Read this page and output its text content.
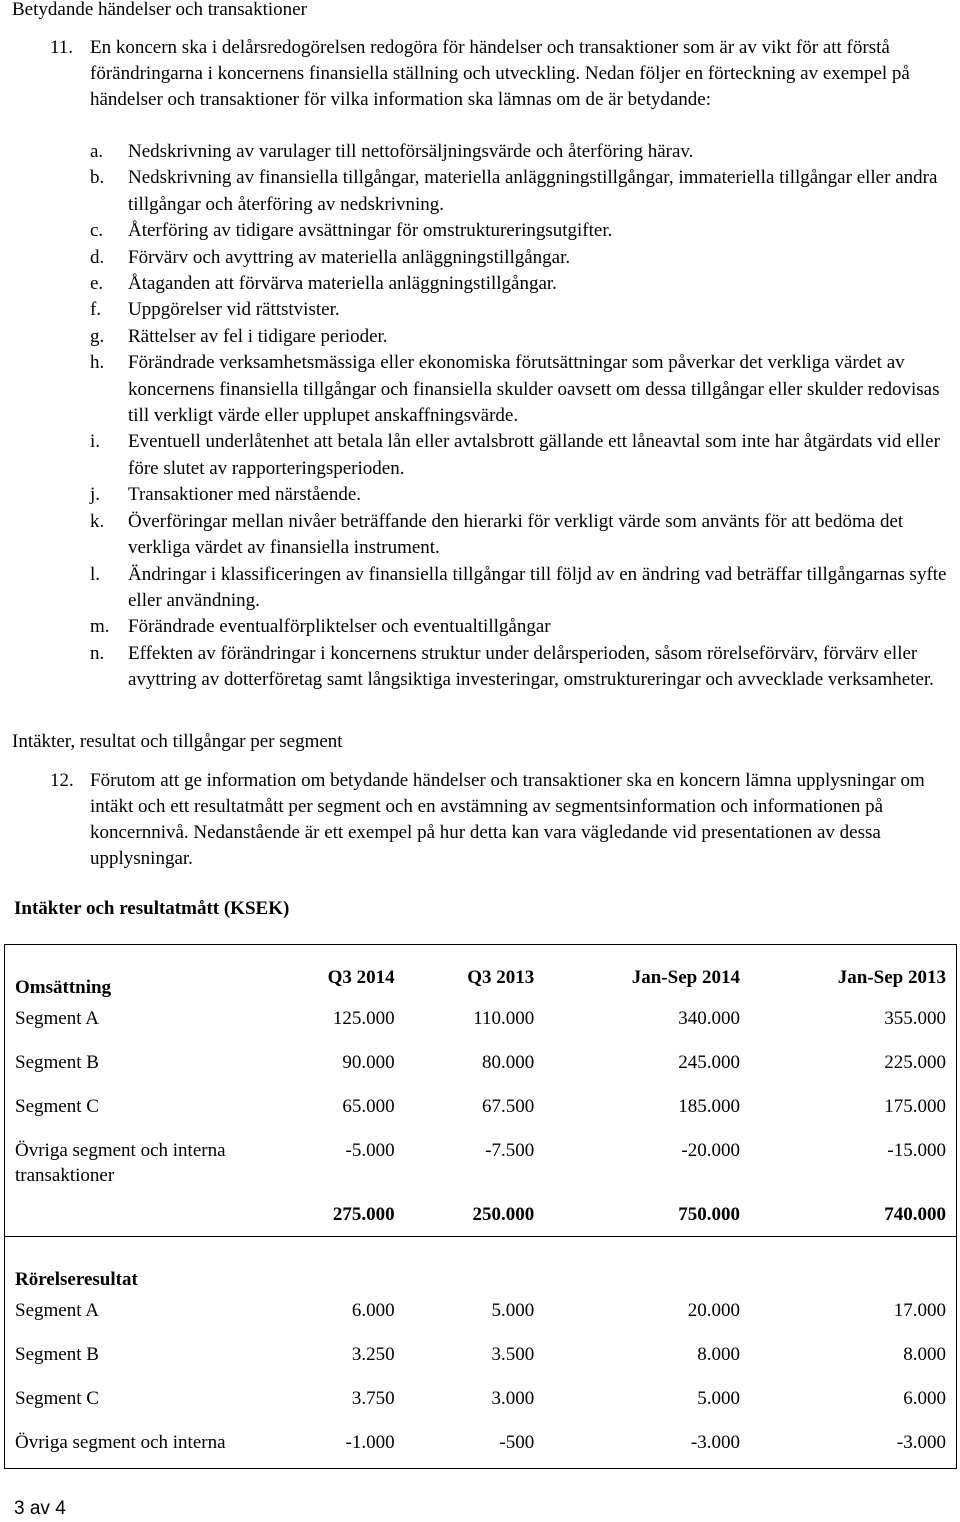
Betydande händelser och transaktioner
11. En koncern ska i delårsredogörelsen redogöra för händelser och transaktioner som är av vikt för att förstå förändringarna i koncernens finansiella ställning och utveckling. Nedan följer en förteckning av exempel på händelser och transaktioner för vilka information ska lämnas om de är betydande:
a. Nedskrivning av varulager till nettoförsäljningsvärde och återföring härav.
b. Nedskrivning av finansiella tillgångar, materiella anläggningstillgångar, immateriella tillgångar eller andra tillgångar och återföring av nedskrivning.
c. Återföring av tidigare avsättningar för omstruktureringsutgifter.
d. Förvärv och avyttring av materiella anläggningstillgångar.
e. Åtaganden att förvärva materiella anläggningstillgångar.
f. Uppgörelser vid rättstvister.
g. Rättelser av fel i tidigare perioder.
h. Förändrade verksamhetsmässiga eller ekonomiska förutsättningar som påverkar det verkliga värdet av koncernens finansiella tillgångar och finansiella skulder oavsett om dessa tillgångar eller skulder redovisas till verkligt värde eller upplupet anskaffningsvärde.
i. Eventuell underlåtenhet att betala lån eller avtalsbrott gällande ett låneavtal som inte har åtgärdats vid eller före slutet av rapporteringsperioden.
j. Transaktioner med närstående.
k. Överföringar mellan nivåer beträffande den hierarki för verkligt värde som använts för att bedöma det verkliga värdet av finansiella instrument.
l. Ändringar i klassificeringen av finansiella tillgångar till följd av en ändring vad beträffar tillgångarnas syfte eller användning.
m. Förändrade eventualförpliktelser och eventualtillgångar
n. Effekten av förändringar i koncernens struktur under delårsperioden, såsom rörelseförvärv, förvärv eller avyttring av dotterföretag samt långsiktiga investeringar, omstruktureringar och avvecklade verksamheter.
Intäkter, resultat och tillgångar per segment
12. Förutom att ge information om betydande händelser och transaktioner ska en koncern lämna upplysningar om intäkt och ett resultatmått per segment och en avstämning av segmentsinformation och informationen på koncernnivå. Nedanstående är ett exempel på hur detta kan vara vägledande vid presentationen av dessa upplysningar.
Intäkter och resultatmått (KSEK)
Omsättning	Q3 2014	Q3 2013	Jan-Sep 2014	Jan-Sep 2013
Segment A	125.000	110.000	340.000	355.000
Segment B	90.000	80.000	245.000	225.000
Segment C	65.000	67.500	185.000	175.000
Övriga segment och interna transaktioner	-5.000	-7.500	-20.000	-15.000
	275.000	250.000	750.000	740.000
Rörelseresultat				
Segment A	6.000	5.000	20.000	17.000
Segment B	3.250	3.500	8.000	8.000
Segment C	3.750	3.000	5.000	6.000
Övriga segment och interna	-1.000	-500	-3.000	-3.000
3 av 4
